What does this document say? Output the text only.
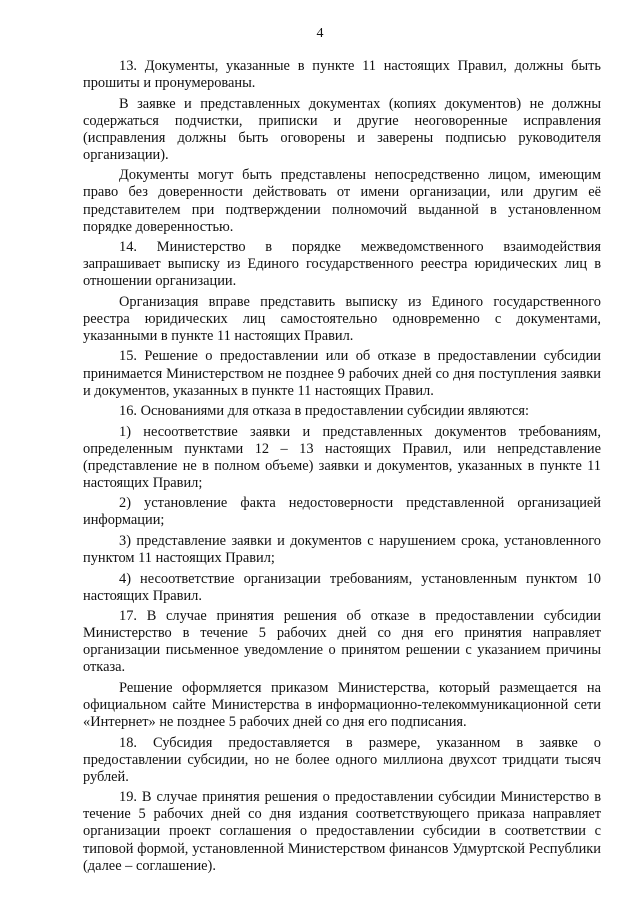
4

13. Документы, указанные в пункте 11 настоящих Правил, должны быть прошиты и пронумерованы.

В заявке и представленных документах (копиях документов) не должны содержаться подчистки, приписки и другие неоговоренные исправления (исправления должны быть оговорены и заверены подписью руководителя организации).

Документы могут быть представлены непосредственно лицом, имеющим право без доверенности действовать от имени организации, или другим её представителем при подтверждении полномочий выданной в установленном порядке доверенностью.

14. Министерство в порядке межведомственного взаимодействия запрашивает выписку из Единого государственного реестра юридических лиц в отношении организации.

Организация вправе представить выписку из Единого государственного реестра юридических лиц самостоятельно одновременно с документами, указанными в пункте 11 настоящих Правил.

15. Решение о предоставлении или об отказе в предоставлении субсидии принимается Министерством не позднее 9 рабочих дней со дня поступления заявки и документов, указанных в пункте 11 настоящих Правил.

16. Основаниями для отказа в предоставлении субсидии являются:

1) несоответствие заявки и представленных документов требованиям, определенным пунктами 12 – 13 настоящих Правил, или непредставление (представление не в полном объеме) заявки и документов, указанных в пункте 11 настоящих Правил;

2) установление факта недостоверности представленной организацией информации;

3) представление заявки и документов с нарушением срока, установленного пунктом 11 настоящих Правил;

4) несоответствие организации требованиям, установленным пунктом 10 настоящих Правил.

17. В случае принятия решения об отказе в предоставлении субсидии Министерство в течение 5 рабочих дней со дня его принятия направляет организации письменное уведомление о принятом решении с указанием причины отказа.

Решение оформляется приказом Министерства, который размещается на официальном сайте Министерства в информационно-телекоммуникационной сети «Интернет» не позднее 5 рабочих дней со дня его подписания.

18. Субсидия предоставляется в размере, указанном в заявке о предоставлении субсидии, но не более одного миллиона двухсот тридцати тысяч рублей.

19. В случае принятия решения о предоставлении субсидии Министерство в течение 5 рабочих дней со дня издания соответствующего приказа направляет организации проект соглашения о предоставлении субсидии в соответствии с типовой формой, установленной Министерством финансов Удмуртской Республики (далее – соглашение).
